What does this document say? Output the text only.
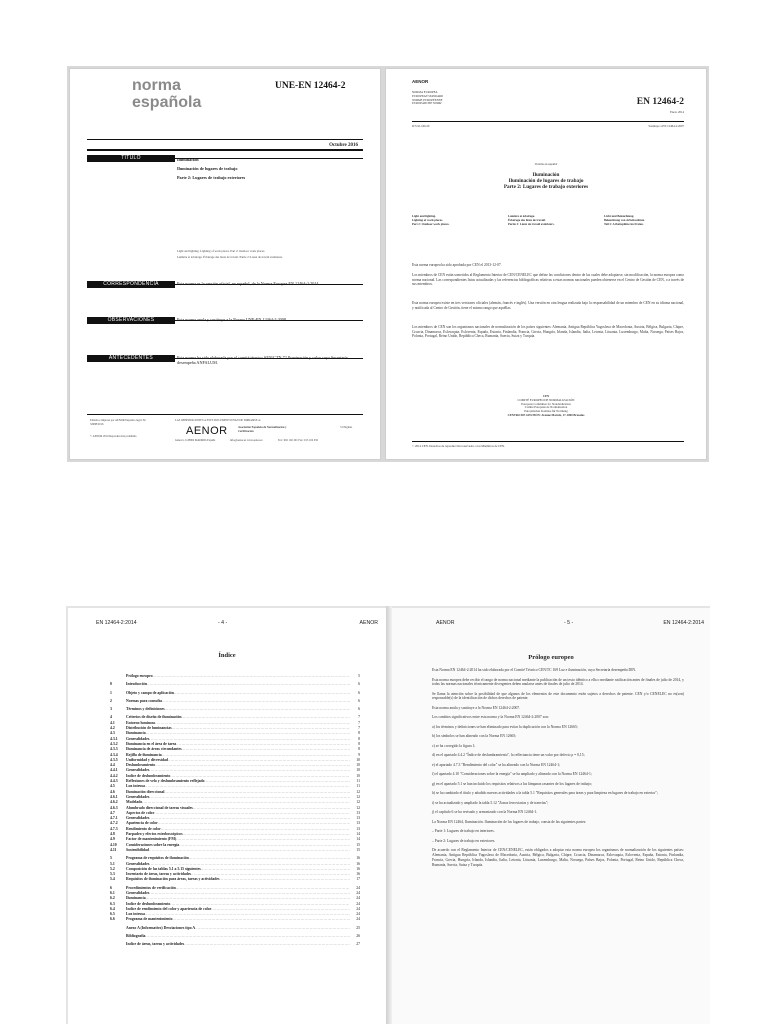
norma española
UNE-EN 12464-2
Octubre 2016
TÍTULO	Iluminación
Iluminación de lugares de trabajo
Parte 2: Lugares de trabajo exteriores
Light and lighting. Lighting of work places. Part 2: Outdoor work places.
Lumière et éclairage. Éclairage des lieux de travail. Partie 2: Lieux de travail extérieurs.
CORRESPONDENCIA	Esta norma es la versión oficial, en español, de la Norma Europea EN 12464-2:2014.
OBSERVACIONES	Esta norma anula y sustituye a la Norma UNE-EN 12464-2:2008.
ANTECEDENTES	Esta norma ha sido elaborada por el comité técnico AEN/CTN 72 Iluminación y color cuya Secretaría desempeña ANFALUM.
Editada e impresa por AENOR Depósito legal: M 32988:2016
© AENOR 2016 Reproducción prohibida
LAS OBSERVACIONES A ESTE DOCUMENTO HAN DE DIRIGIRSE A:
AENOR	Asociación Española de Normalización y Certificación
Génova, 6 28004 MADRID-España	info@aenor.es www.aenor.es	Tel.: 902 102 201 Fax: 913 104 032
31 Páginas
AENOR
NORMA EUROPEA
EUROPEAN STANDARD
NORME EUROPÉENNE
EUROPÄISCHE NORM	EN 12464-2
Enero 2014
ICS 91.160.20	Sustituye a EN 12464-2:2007
Versión en español
Iluminación
Iluminación de lugares de trabajo
Parte 2: Lugares de trabajo exteriores
Light and lighting.
Lighting of work places.
Part 2: Outdoor work places.
Lumière et éclairage.
Éclairage des lieux de travail.
Partie 2: Lieux de travail extérieurs.
Licht und Beleuchtung.
Beleuchtung von Arbeitsstätten.
Teil 2: Arbeitsplätze im Freien.
Esta norma europea ha sido aprobada por CEN el 2013-12-07.
Los miembros de CEN están sometidos al Reglamento Interior de CEN/CENELEC que define las condiciones dentro de las cuales debe adoptarse, sin modificación, la norma europea como norma nacional. Las correspondientes listas actualizadas y las referencias bibliográficas relativas a estas normas nacionales pueden obtenerse en el Centro de Gestión de CEN, o a través de sus miembros.
Esta norma europea existe en tres versiones oficiales (alemán, francés e inglés). Una versión en otra lengua realizada bajo la responsabilidad de un miembro de CEN en su idioma nacional, y notificada al Centro de Gestión, tiene el mismo rango que aquéllas.
Los miembros de CEN son los organismos nacionales de normalización de los países siguientes: Alemania, Antigua República Yugoslava de Macedonia, Austria, Bélgica, Bulgaria, Chipre, Croacia, Dinamarca, Eslovaquia, Eslovenia, España, Estonia, Finlandia, Francia, Grecia, Hungría, Irlanda, Islandia, Italia, Letonia, Lituania, Luxemburgo, Malta, Noruega, Países Bajos, Polonia, Portugal, Reino Unido, República Checa, Rumanía, Suecia, Suiza y Turquía.
CEN
COMITÉ EUROPEO DE NORMALIZACIÓN
European Committee for Standardization
Comité Européen de Normalisation
Europäisches Komitee für Normung
CENTRO DE GESTIÓN: Avenue Marnix, 17-1000 Bruselas
© 2014 CEN. Derechos de reproducción reservados a los Miembros de CEN.
EN 12464-2:2014	- 4 -	AENOR
Índice
Prólogo europeo .....	5
0	Introducción .....	6
1	Objeto y campo de aplicación .....	6
2	Normas para consulta .....	6
3	Términos y definiciones .....	6
4	Criterios de diseño de iluminación .....	7
4.1	Entorno luminoso .....	7
4.2	Distribución de luminancias .....	7
4.3	Iluminancia .....	8
4.3.1	Generalidades .....	8
4.3.2	Iluminancia en el área de tarea .....	8
4.3.3	Iluminancia de áreas circundantes .....	8
4.3.4	Rejilla de iluminancia .....	9
4.3.5	Uniformidad y diversidad .....	10
4.4	Deslumbramiento .....	10
4.4.1	Generalidades .....	10
4.4.2	Índice de deslumbramiento .....	10
4.4.3	Reflexiones de velo y deslumbramiento reflejado .....	11
4.5	Luz intrusa .....	11
4.6	Iluminación direccional .....	12
4.6.1	Generalidades .....	12
4.6.2	Modelado .....	12
4.6.3	Alumbrado direccional de tareas visuales .....	12
4.7	Aspectos de color .....	13
4.7.1	Generalidades .....	13
4.7.2	Apariencia de color .....	13
4.7.3	Rendimiento de color .....	13
4.8	Parpadeo y efectos estroboscópicos .....	14
4.9	Factor de mantenimiento (FM) .....	14
4.10	Consideraciones sobre la energía .....	15
4.11	Sostenibilidad .....	15
5	Programa de requisitos de iluminación .....	16
5.1	Generalidades .....	16
5.2	Composición de las tablas 5.1 a 5.15 siguientes .....	16
5.3	Inventario de áreas, tareas y actividades .....	16
5.4	Requisitos de iluminación para áreas, tareas y actividades .....	17
6	Procedimientos de verificación .....	24
6.1	Generalidades .....	24
6.2	Iluminancia .....	24
6.3	Índice de deslumbramiento .....	24
6.4	Índice de rendimiento del color y apariencia de color .....	24
6.5	Luz intrusa .....	24
6.6	Programa de mantenimiento .....	24
Anexo A (Informativo) Desviaciones tipo A .....	25
Bibliografía .....	26
Índice de áreas, tareas y actividades .....	27
AENOR	- 5 -	EN 12464-2:2014
Prólogo europeo
Esta Norma EN 12464-2:2014 ha sido elaborada por el Comité Técnico CEN/TC 169 Luz e iluminación, cuya Secretaría desempeña DIN.
Esta norma europea debe recibir el rango de norma nacional mediante la publicación de un texto idéntico a ella o mediante ratificación antes de finales de julio de 2014, y todas las normas nacionales técnicamente divergentes deben anularse antes de finales de julio de 2014.
Se llama la atención sobre la posibilidad de que algunos de los elementos de este documento estén sujetos a derechos de patente. CEN y/o CENELEC no es(son) responsable(s) de la identificación de dichos derechos de patente.
Esta norma anula y sustituye a la Norma EN 12464-2:2007.
Los cambios significativos entre esta norma y la Norma EN 12464-2:2007 son:
a) los términos y definiciones se han eliminado para evitar la duplicación con la Norma EN 12665;
b) los símbolos se han alineado con la Norma EN 12665;
c) se ha corregido la figura 1;
d) en el apartado 4.4.2 "Índice de deslumbramiento", la reflectancia tiene un valor por defecto ρ = 0,15;
e) el apartado 4.7.3 "Rendimiento del color" se ha alineado con la Norma EN 12464-1;
f) el apartado 4.10 "Consideraciones sobre la energía" se ha ampliado y alineado con la Norma EN 12464-1;
g) en el apartado 5.1 se han incluido los requisitos relativos a las lámparas rasantes de los lugares de trabajo;
h) se ha cambiado el título y añadido nuevas actividades a la tabla 5.1 "Requisitos generales para áreas y para limpieza en lugares de trabajo en exterior";
i) se ha actualizado y ampliado la tabla 5.12 "Zonas ferroviarias y de tranvías";
j) el capítulo 6 se ha revisado y armonizado con la Norma EN 12464-1.
La Norma EN 12464, Iluminación. Iluminación de los lugares de trabajo, consta de las siguientes partes:
– Parte 1: Lugares de trabajo en interiores.
– Parte 2: Lugares de trabajo en exteriores.
De acuerdo con el Reglamento Interior de CEN/CENELEC, están obligados a adoptar esta norma europea los organismos de normalización de los siguientes países: Alemania, Antigua República Yugoslava de Macedonia, Austria, Bélgica, Bulgaria, Chipre, Croacia, Dinamarca, Eslovaquia, Eslovenia, España, Estonia, Finlandia, Francia, Grecia, Hungría, Irlanda, Islandia, Italia, Letonia, Lituania, Luxemburgo, Malta, Noruega, Países Bajos, Polonia, Portugal, Reino Unido, República Checa, Rumanía, Suecia, Suiza y Turquía.
